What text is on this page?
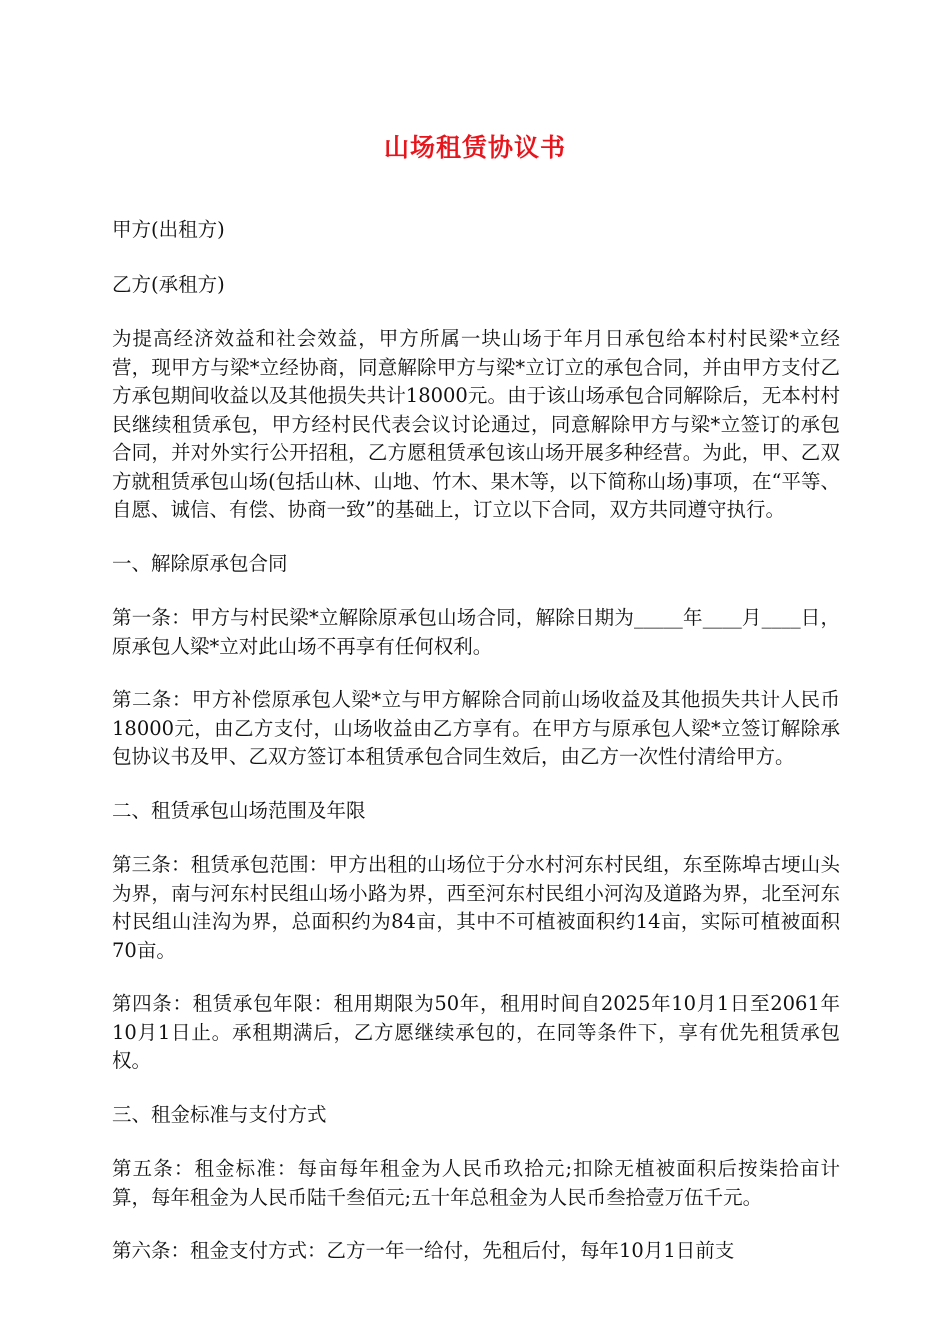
山场租赁协议书

甲方(出租方)

乙方(承租方)

为提高经济效益和社会效益，甲方所属一块山场于年月日承包给本村村民梁*立经营，现甲方与梁*立经协商，同意解除甲方与梁*立订立的承包合同，并由甲方支付乙方承包期间收益以及其他损失共计18000元。由于该山场承包合同解除后，无本村村民继续租赁承包，甲方经村民代表会议讨论通过，同意解除甲方与梁*立签订的承包合同，并对外实行公开招租，乙方愿租赁承包该山场开展多种经营。为此，甲、乙双方就租赁承包山场(包括山林、山地、竹木、果木等，以下简称山场)事项，在“平等、自愿、诚信、有偿、协商一致”的基础上，订立以下合同，双方共同遵守执行。

一、解除原承包合同

第一条：甲方与村民梁*立解除原承包山场合同，解除日期为_____年____月____日，原承包人梁*立对此山场不再享有任何权利。

第二条：甲方补偿原承包人梁*立与甲方解除合同前山场收益及其他损失共计人民币18000元，由乙方支付，山场收益由乙方享有。在甲方与原承包人梁*立签订解除承包协议书及甲、乙双方签订本租赁承包合同生效后，由乙方一次性付清给甲方。

二、租赁承包山场范围及年限

第三条：租赁承包范围：甲方出租的山场位于分水村河东村民组，东至陈埠古埂山头为界，南与河东村民组山场小路为界，西至河东村民组小河沟及道路为界，北至河东村民组山洼沟为界，总面积约为84亩，其中不可植被面积约14亩，实际可植被面积70亩。

第四条：租赁承包年限：租用期限为50年，租用时间自2025年10月1日至2061年10月1日止。承租期满后，乙方愿继续承包的，在同等条件下，享有优先租赁承包权。

三、租金标准与支付方式

第五条：租金标准：每亩每年租金为人民币玖拾元;扣除无植被面积后按柒拾亩计算，每年租金为人民币陆千叁佰元;五十年总租金为人民币叁拾壹万伍千元。

第六条：租金支付方式：乙方一年一给付，先租后付，每年10月1日前支
